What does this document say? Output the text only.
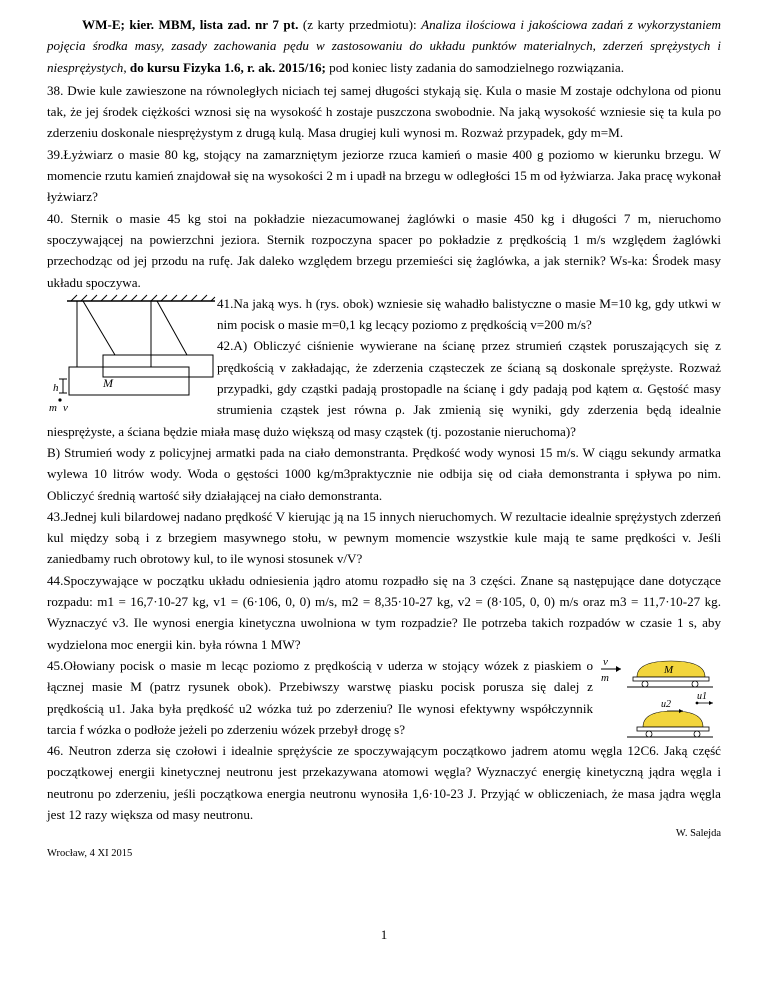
WM-E; kier. MBM, lista zad. nr 7 pt. (z karty przedmiotu): Analiza ilościowa i jakościowa zadań z wykorzystaniem pojęcia środka masy, zasady zachowania pędu w zastosowaniu do układu punktów materialnych, zderzeń sprężystych i niesprężystych, do kursu Fizyka 1.6, r. ak. 2015/16; pod koniec listy zadania do samodzielnego rozwiązania.

38. Dwie kule zawieszone na równoległych niciach tej samej długości stykają się. Kula o masie M zostaje odchylona od pionu tak, że jej środek ciężkości wznosi się na wysokość h zostaje puszczona swobodnie. Na jaką wysokość wzniesie się ta kula po zderzeniu doskonale niesprężystym z drugą kulą. Masa drugiej kuli wynosi m. Rozważ przypadek, gdy m=M.

39.Łyżwiarz o masie 80 kg, stojący na zamarzniętym jeziorze rzuca kamień o masie 400 g poziomo w kierunku brzegu. W momencie rzutu kamień znajdował się na wysokości 2 m i upadł na brzegu w odległości 15 m od łyżwiarza. Jaka pracę wykonał łyżwiarz?

40. Sternik o masie 45 kg stoi na pokładzie niezacumowanej żaglówki o masie 450 kg i długości 7 m, nieruchomo spoczywającej na powierzchni jeziora. Sternik rozpoczyna spacer po pokładzie z prędkością 1 m/s względem żaglówki przechodząc od jej przodu na rufę. Jak daleko względem brzegu przemieści się żaglówka, a jak sternik? Ws-ka: Środek masy układu spoczywa.

h	M
m v

41.Na jaką wys. h (rys. obok) wzniesie się wahadło balistyczne o masie M=10 kg, gdy utkwi w nim pocisk o masie m=0,1 kg lecący poziomo z prędkością v=200 m/s?

42.A) Obliczyć ciśnienie wywierane na ścianę przez strumień cząstek poruszających się z prędkością v zakładając, że zderzenia cząsteczek ze ścianą są doskonale sprężyste. Rozważ przypadki, gdy cząstki padają prostopadle na ścianę i gdy padają pod kątem α. Gęstość masy strumienia cząstek jest równa ρ. Jak zmienią się wyniki, gdy zderzenia będą idealnie niesprężyste, a ściana będzie miała masę dużo większą od masy cząstek (tj. pozostanie nieruchoma)?

B) Strumień wody z policyjnej armatki pada na ciało demonstranta. Prędkość wody wynosi 15 m/s. W ciągu sekundy armatka wylewa 10 litrów wody. Woda o gęstości 1000 kg/m3praktycznie nie odbija się od ciała demonstranta i spływa po nim. Obliczyć średnią wartość siły działającej na ciało demonstranta.

43.Jednej kuli bilardowej nadano prędkość V kierując ją na 15 innych nieruchomych. W rezultacie idealnie sprężystych zderzeń kul między sobą i z brzegiem masywnego stołu, w pewnym momencie wszystkie kule mają te same prędkości v. Jeśli zaniedbamy ruch obrotowy kul, to ile wynosi stosunek v/V?

44.Spoczywające w początku układu odniesienia jądro atomu rozpadło się na 3 części. Znane są następujące dane dotyczące rozpadu: m1 = 16,7·10-27 kg, v1 = (6·106, 0, 0) m/s, m2 = 8,35·10-27 kg, v2 = (8·105, 0, 0) m/s oraz m3 = 11,7·10-27 kg. Wyznaczyć v3. Ile wynosi energia kinetyczna uwolniona w tym rozpadzie? Ile potrzeba takich rozpadów w czasie 1 s, aby wydzielona moc energii kin. była równa 1 MW?

v
m
M
u2
u1

45.Ołowiany pocisk o masie m lecąc poziomo z prędkością v uderza w stojący wózek z piaskiem o łącznej masie M (patrz rysunek obok). Przebiwszy warstwę piasku pocisk porusza się dalej z prędkością u1. Jaka była prędkość u2 wózka tuż po zderzeniu? Ile wynosi efektywny współczynnik tarcia f wózka o podłoże jeżeli po zderzeniu wózek przebył drogę s?

46. Neutron zderza się czołowi i idealnie sprężyście ze spoczywającym początkowo jadrem atomu węgla 12C6. Jaką część początkowej energii kinetycznej neutronu jest przekazywana atomowi węgla? Wyznaczyć energię kinetyczną jądra węgla i neutronu po zderzeniu, jeśli początkowa energia neutronu wynosiła 1,6·10-23 J. Przyjąć w obliczeniach, że masa jądra węgla jest 12 razy większa od masy neutronu.

W. Salejda
Wrocław, 4 XI 2015
1
